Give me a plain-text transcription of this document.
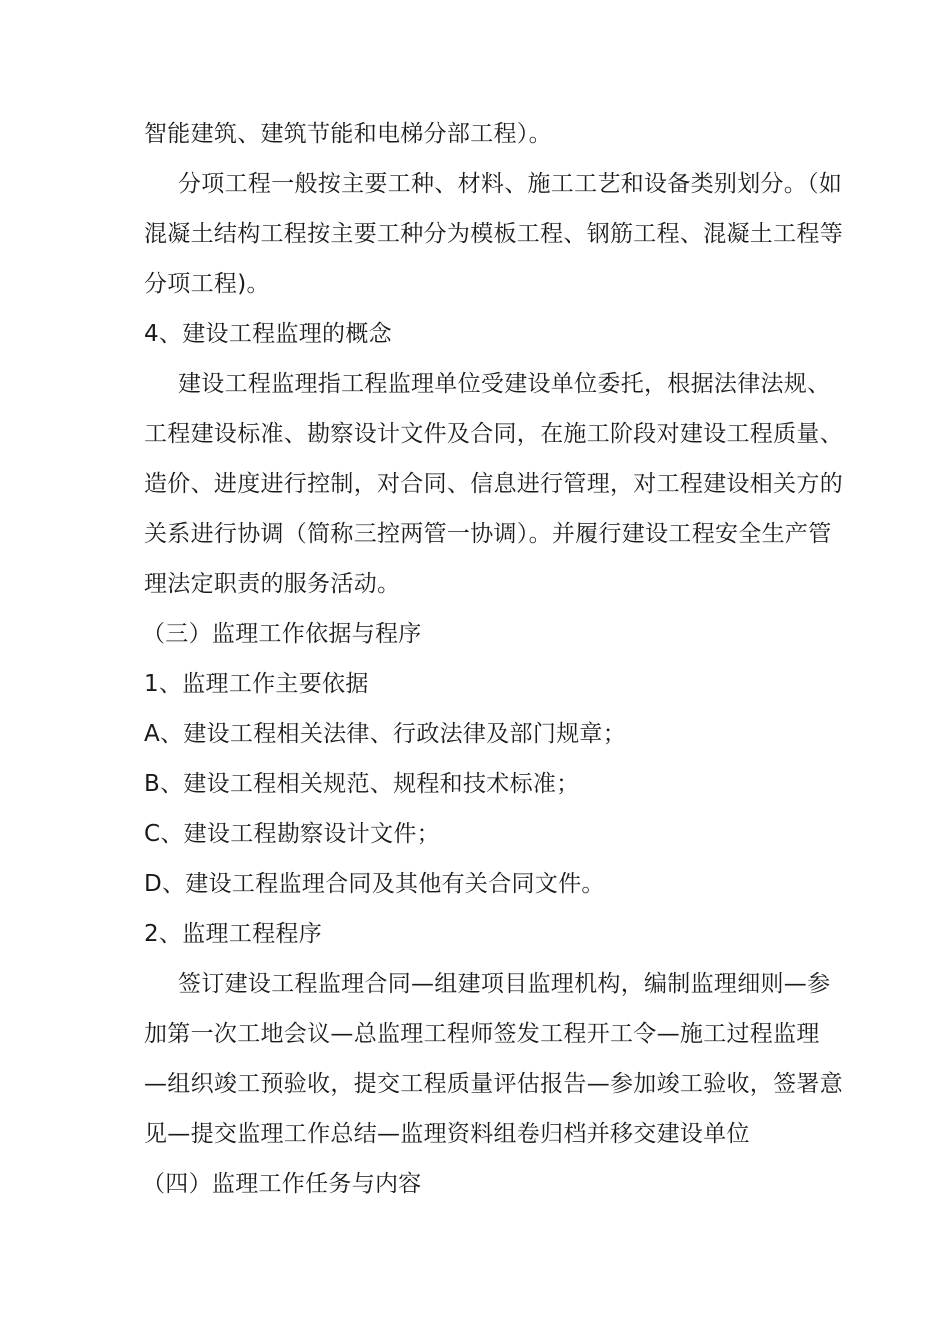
智能建筑、建筑节能和电梯分部工程）。
分项工程一般按主要工种、材料、施工工艺和设备类别划分。（如
混凝土结构工程按主要工种分为模板工程、钢筋工程、混凝土工程等
分项工程)。
4、建设工程监理的概念
建设工程监理指工程监理单位受建设单位委托，根据法律法规、
工程建设标准、勘察设计文件及合同，在施工阶段对建设工程质量、
造价、进度进行控制，对合同、信息进行管理，对工程建设相关方的
关系进行协调（简称三控两管一协调）。并履行建设工程安全生产管
理法定职责的服务活动。
（三）监理工作依据与程序
1、监理工作主要依据
A、建设工程相关法律、行政法律及部门规章；
B、建设工程相关规范、规程和技术标准；
C、建设工程勘察设计文件；
D、建设工程监理合同及其他有关合同文件。
2、监理工程程序
签订建设工程监理合同—组建项目监理机构，编制监理细则—参
加第一次工地会议—总监理工程师签发工程开工令—施工过程监理
—组织竣工预验收，提交工程质量评估报告—参加竣工验收，签署意
见—提交监理工作总结—监理资料组卷归档并移交建设单位
（四）监理工作任务与内容
